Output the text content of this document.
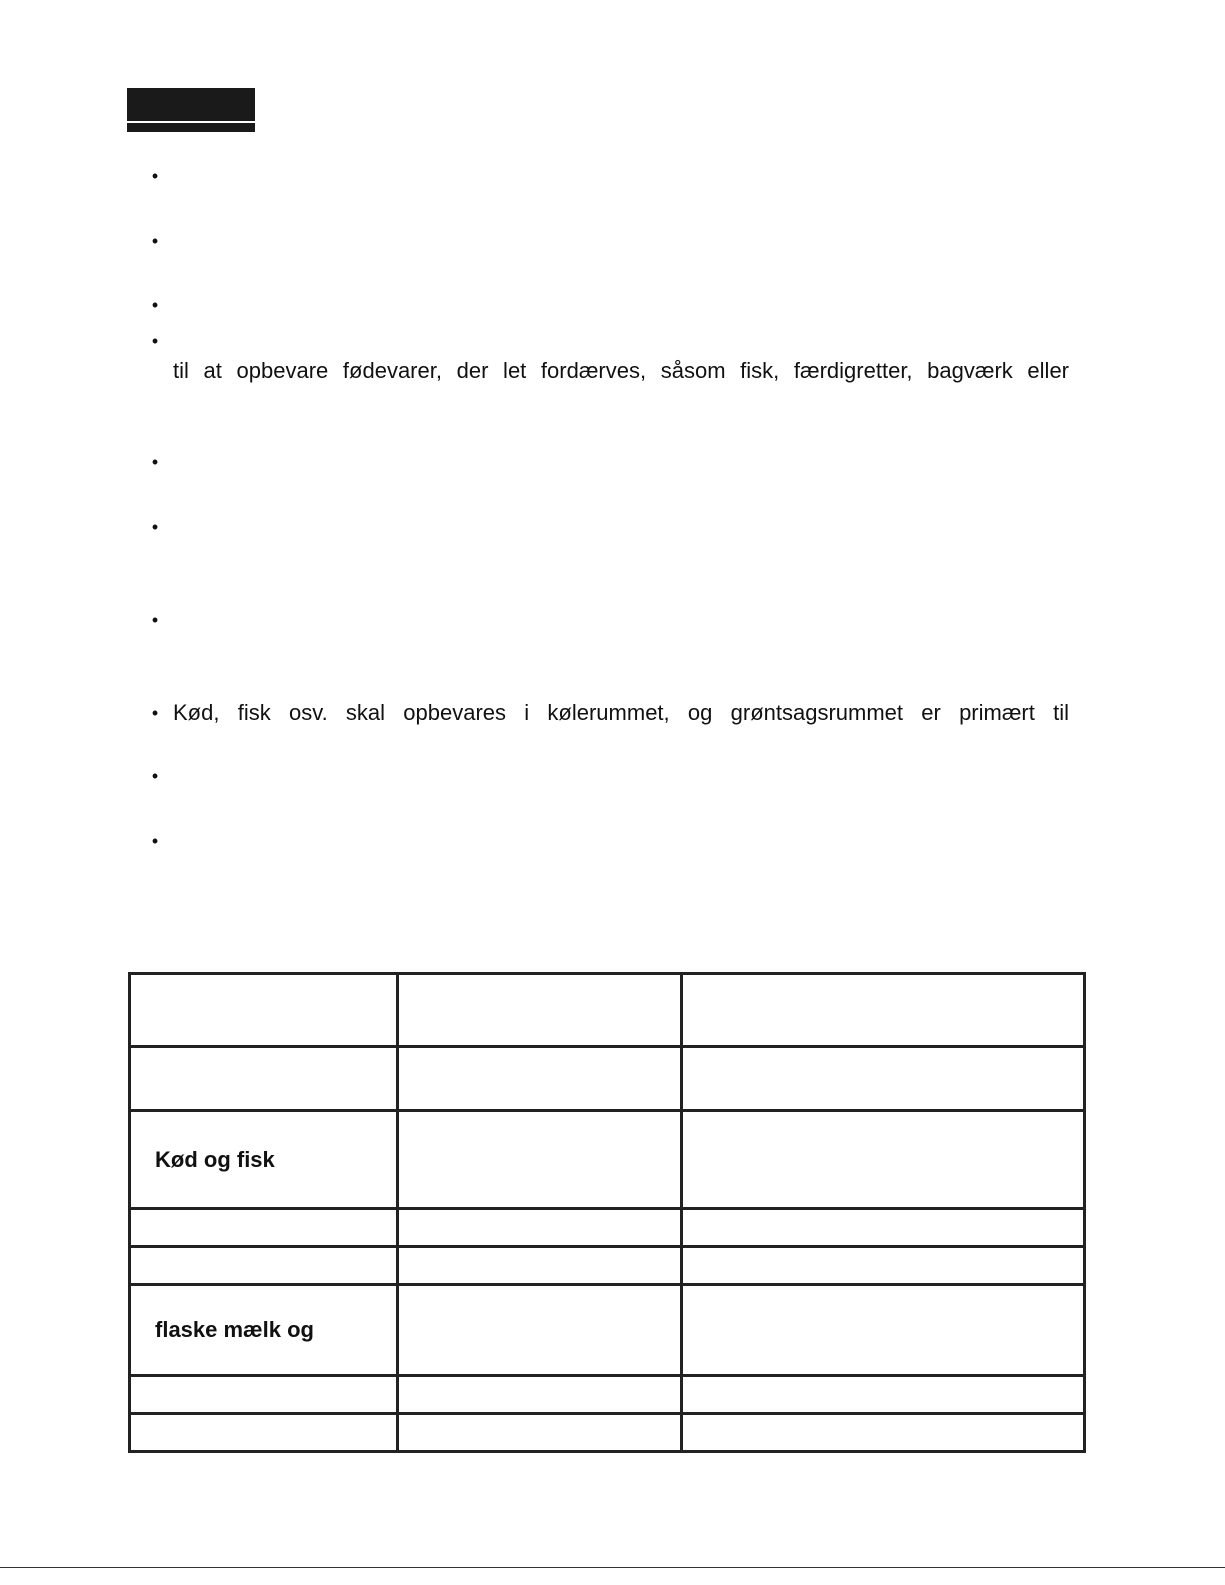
•
•
•
•
•
•
•
•
•
•
til at opbevare fødevarer, der let fordærves, såsom fisk, færdigretter, bagværk eller
Kød, fisk osv. skal opbevares i kølerummet, og grøntsagsrummet er primært til

Kød og fisk		

flaske mælk og		
